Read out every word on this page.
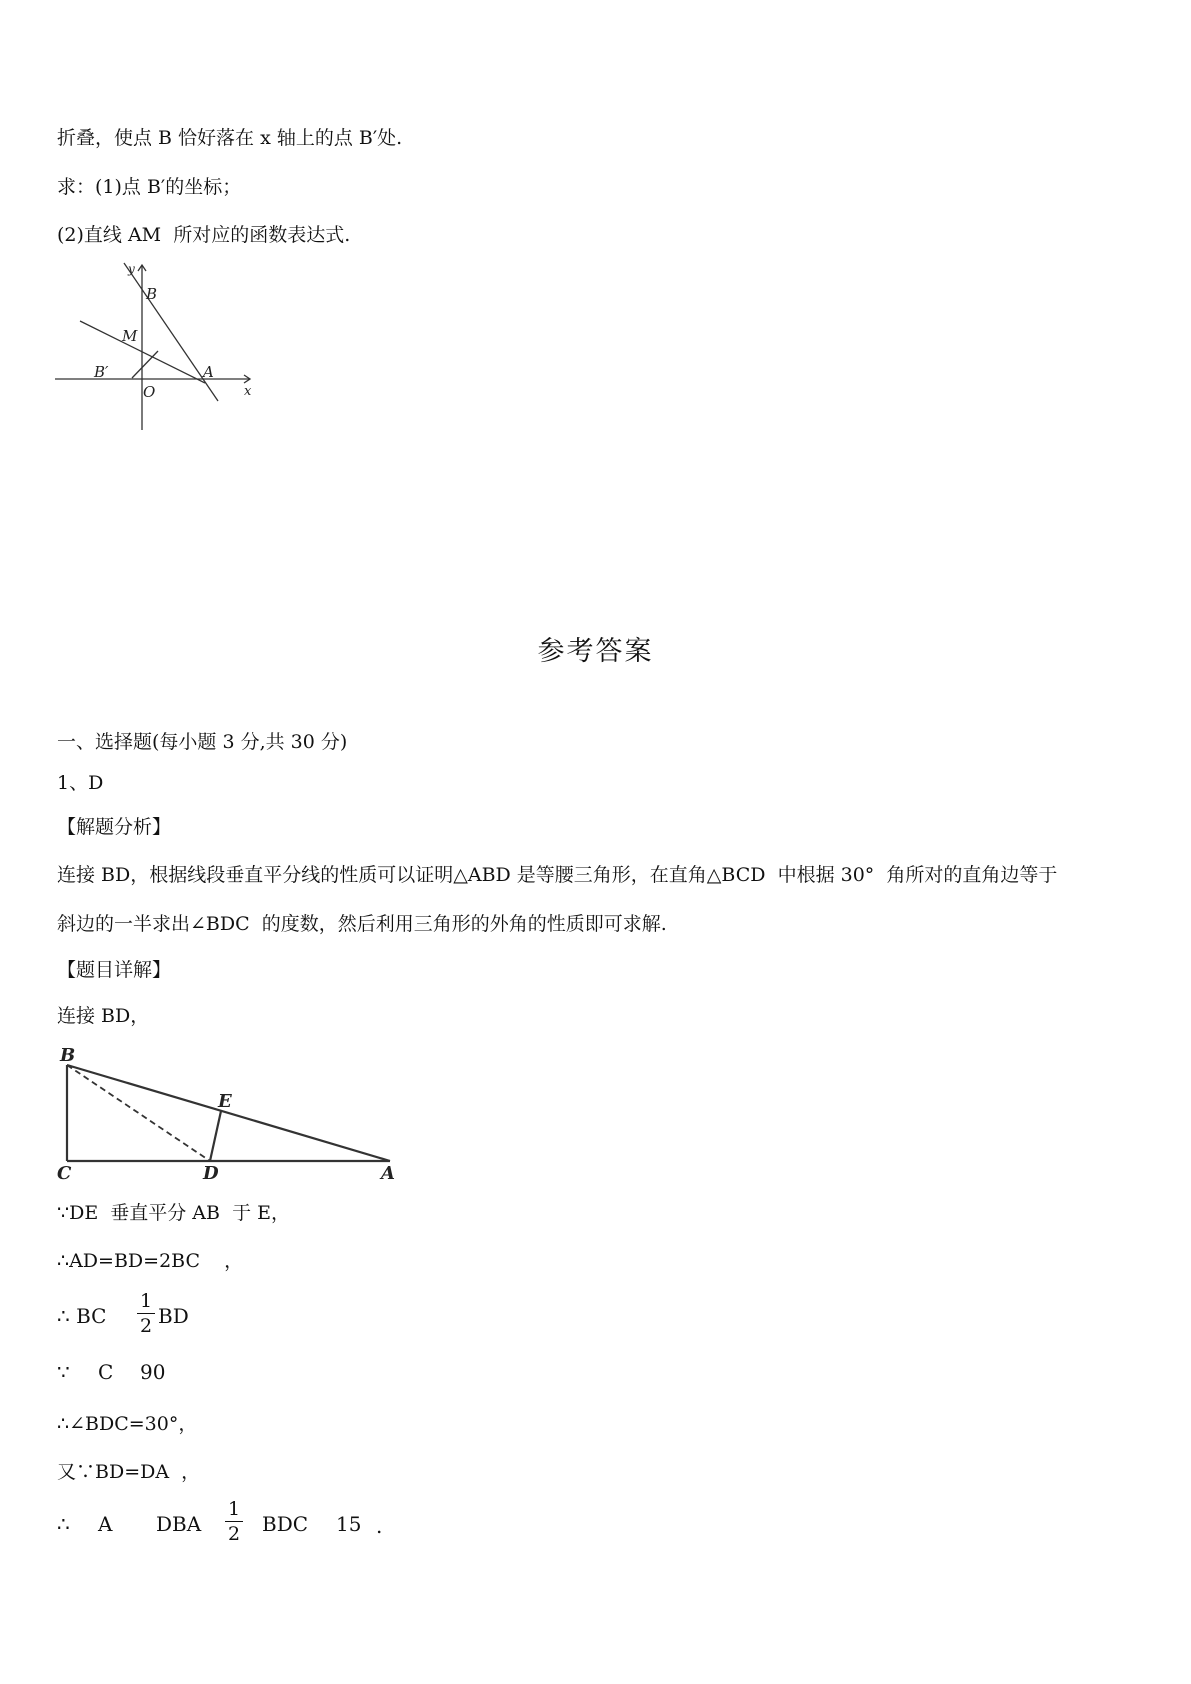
折叠，使点 B 恰好落在 x 轴上的点 B′处.
求：(1)点 B′的坐标；
(2)直线 AM  所对应的函数表达式.
y
B
M
B′	A
O	x
参考答案
一、选择题(每小题 3 分,共 30 分)
1、D
【解题分析】
连接 BD，根据线段垂直平分线的性质可以证明△ABD 是等腰三角形，在直角△BCD  中根据 30°  角所对的直角边等于
斜边的一半求出∠BDC  的度数，然后利用三角形的外角的性质即可求解.
【题目详解】
连接 BD，
B
E
C	D	A
∵DE  垂直平分 AB  于 E，
∴AD=BD=2BC    ，
∴ BC
1
2 BD
∵ C 90
∴∠BDC=30°，
又∵BD=DA  ，
∴ A DBA
1
2 BDC 15 .
